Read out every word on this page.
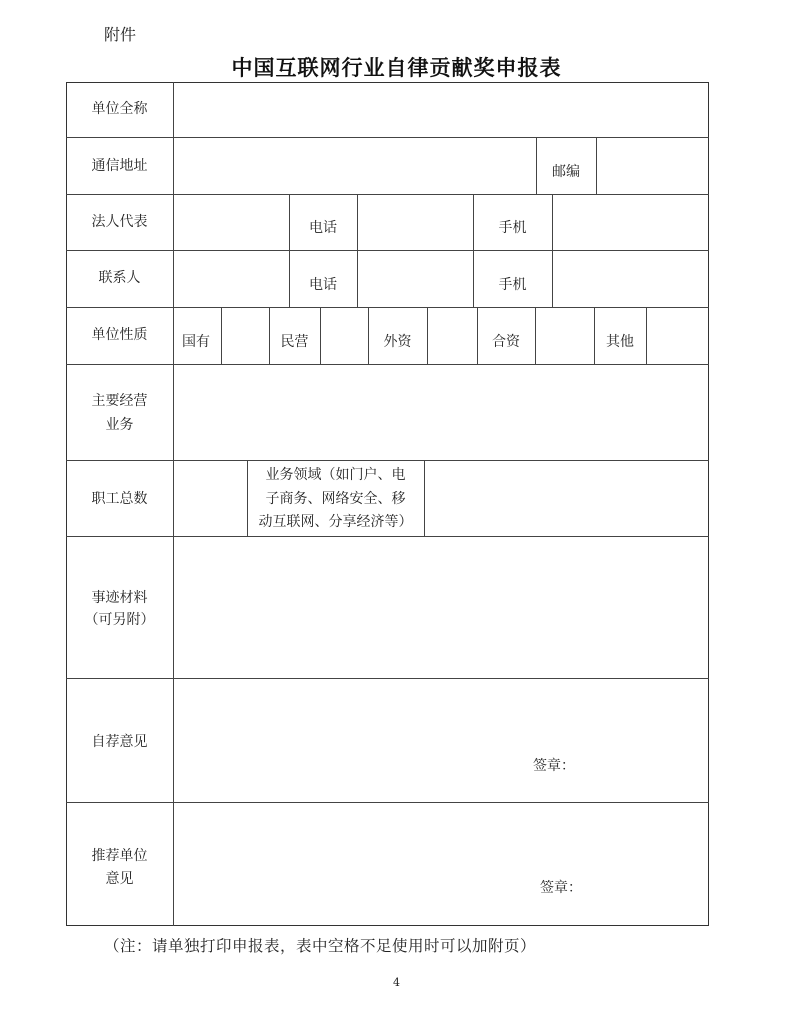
附件
中国互联网行业自律贡献奖申报表
单位全称
通信地址	邮编
法人代表	电话	手机
联系人	电话	手机
单位性质	国有	民营	外资	合资	其他
主要经营
业务
职工总数
业务领域（如门户、电
子商务、网络安全、移
动互联网、分享经济等）
事迹材料
（可另附）
自荐意见
签章：
推荐单位
意见
签章：
（注：请单独打印申报表，表中空格不足使用时可以加附页）
4
